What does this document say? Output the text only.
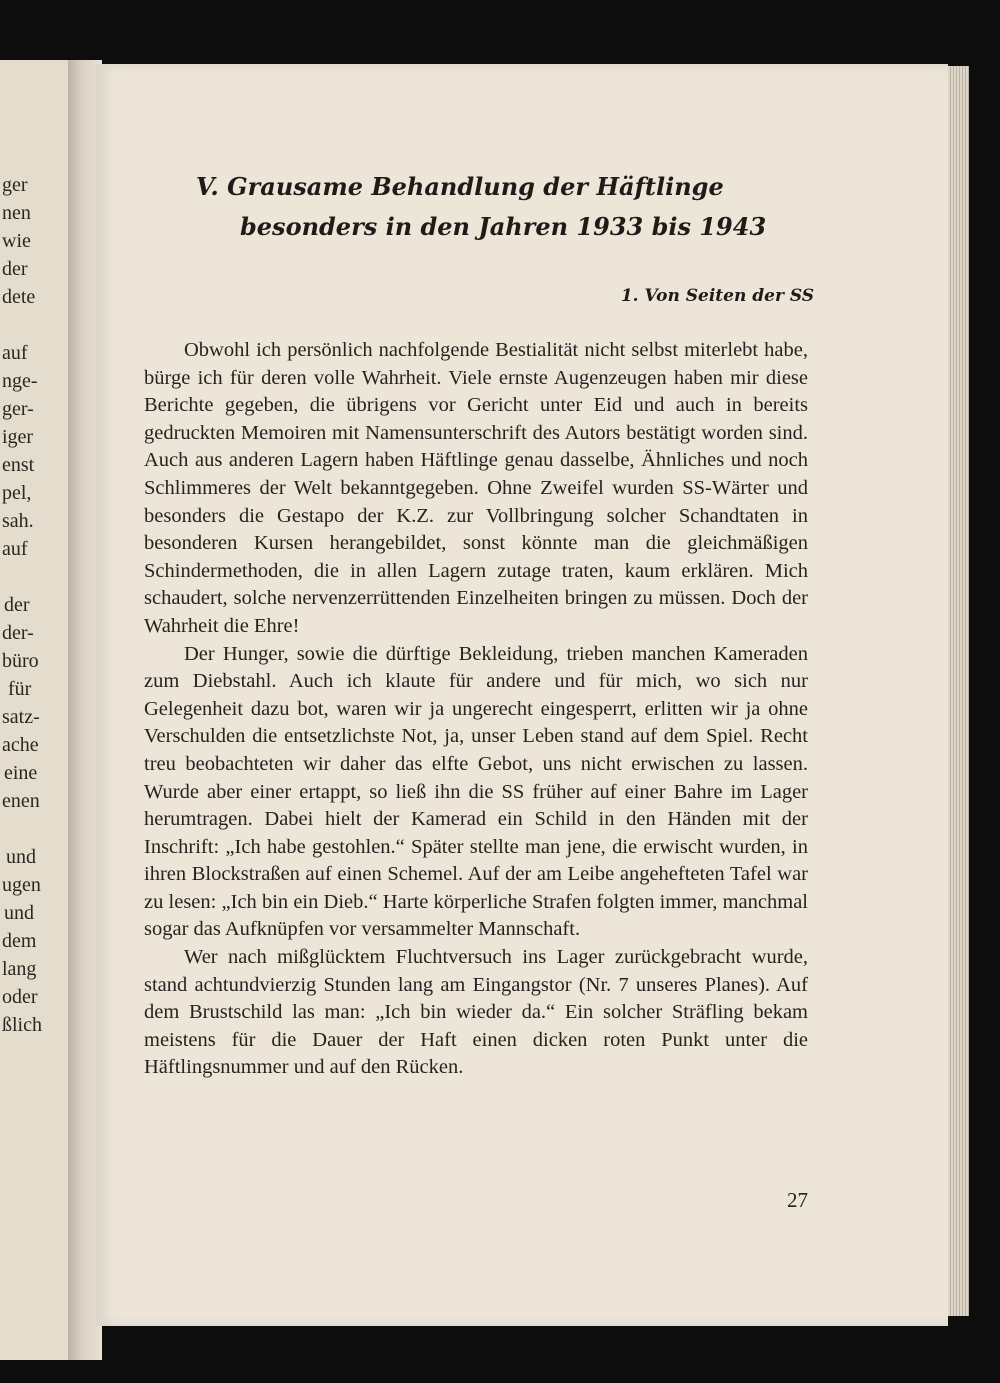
ger
nen
wie
der
dete
auf
nge-
ger-
iger
enst
pel,
sah.
auf
der
der-
büro
für
satz-
ache
eine
enen
und
ugen
und
dem
lang
oder
ßlich
V. Grausame Behandlung der Häftlinge
besonders in den Jahren 1933 bis 1943
1. Von Seiten der SS

Obwohl ich persönlich nachfolgende Bestialität nicht selbst miterlebt habe, bürge ich für deren volle Wahrheit. Viele ernste Augenzeugen haben mir diese Berichte gegeben, die übrigens vor Gericht unter Eid und auch in bereits gedruckten Memoiren mit Namensunterschrift des Autors bestätigt worden sind. Auch aus anderen Lagern haben Häftlinge genau dasselbe, Ähnliches und noch Schlimmeres der Welt bekanntgegeben. Ohne Zweifel wurden SS-Wärter und besonders die Gestapo der K.Z. zur Vollbringung solcher Schandtaten in besonderen Kursen herangebildet, sonst könnte man die gleichmäßigen Schindermethoden, die in allen Lagern zutage traten, kaum erklären. Mich schaudert, solche nervenzerrüttenden Einzelheiten bringen zu müssen. Doch der Wahrheit die Ehre!

Der Hunger, sowie die dürftige Bekleidung, trieben manchen Kameraden zum Diebstahl. Auch ich klaute für andere und für mich, wo sich nur Gelegenheit dazu bot, waren wir ja ungerecht eingesperrt, erlitten wir ja ohne Verschulden die entsetzlichste Not, ja, unser Leben stand auf dem Spiel. Recht treu beobachteten wir daher das elfte Gebot, uns nicht erwischen zu lassen. Wurde aber einer ertappt, so ließ ihn die SS früher auf einer Bahre im Lager herumtragen. Dabei hielt der Kamerad ein Schild in den Händen mit der Inschrift: „Ich habe gestohlen.“ Später stellte man jene, die erwischt wurden, in ihren Blockstraßen auf einen Schemel. Auf der am Leibe angehefteten Tafel war zu lesen: „Ich bin ein Dieb.“ Harte körperliche Strafen folgten immer, manchmal sogar das Aufknüpfen vor versammelter Mannschaft.

Wer nach mißglücktem Fluchtversuch ins Lager zurückgebracht wurde, stand achtundvierzig Stunden lang am Eingangstor (Nr. 7 unseres Planes). Auf dem Brustschild las man: „Ich bin wieder da.“ Ein solcher Sträfling bekam meistens für die Dauer der Haft einen dicken roten Punkt unter die Häftlingsnummer und auf den Rücken.

27
